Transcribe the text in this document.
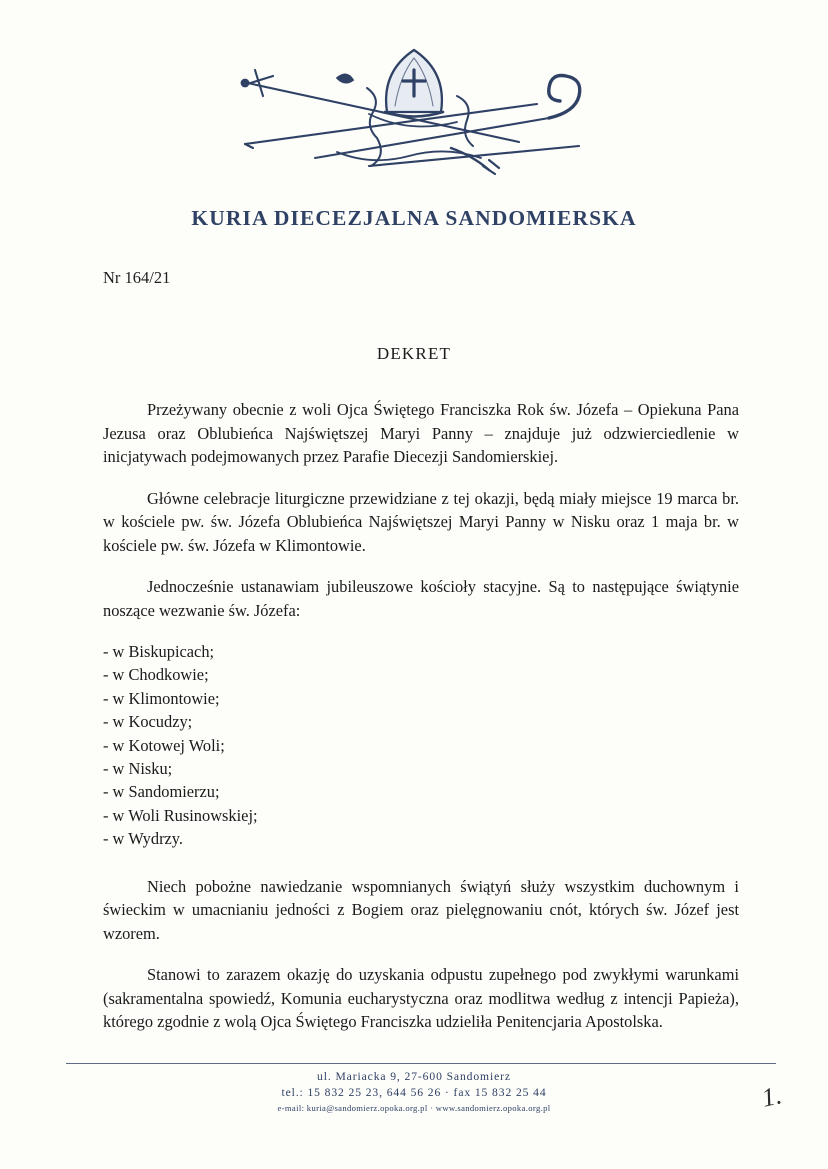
KURIA DIECEZJALNA SANDOMIERSKA
Nr 164/21
DEKRET

Przeżywany obecnie z woli Ojca Świętego Franciszka Rok św. Józefa – Opiekuna Pana Jezusa oraz Oblubieńca Najświętszej Maryi Panny – znajduje już odzwierciedlenie w inicjatywach podejmowanych przez Parafie Diecezji Sandomierskiej.

Główne celebracje liturgiczne przewidziane z tej okazji, będą miały miejsce 19 marca br. w kościele pw. św. Józefa Oblubieńca Najświętszej Maryi Panny w Nisku oraz 1 maja br. w kościele pw. św. Józefa w Klimontowie.

Jednocześnie ustanawiam jubileuszowe kościoły stacyjne. Są to następujące świątynie noszące wezwanie św. Józefa:

- w Biskupicach;
- w Chodkowie;
- w Klimontowie;
- w Kocudzy;
- w Kotowej Woli;
- w Nisku;
- w Sandomierzu;
- w Woli Rusinowskiej;
- w Wydrzy.

Niech pobożne nawiedzanie wspomnianych świątyń służy wszystkim duchownym i świeckim w umacnianiu jedności z Bogiem oraz pielęgnowaniu cnót, których św. Józef jest wzorem.

Stanowi to zarazem okazję do uzyskania odpustu zupełnego pod zwykłymi warunkami (sakramentalna spowiedź, Komunia eucharystyczna oraz modlitwa według z intencji Papieża), którego zgodnie z wolą Ojca Świętego Franciszka udzieliła Penitencjaria Apostolska.

ul. Mariacka 9, 27-600 Sandomierz
tel.: 15 832 25 23, 644 56 26 · fax 15 832 25 44
e-mail: kuria@sandomierz.opoka.org.pl · www.sandomierz.opoka.org.pl	1.
